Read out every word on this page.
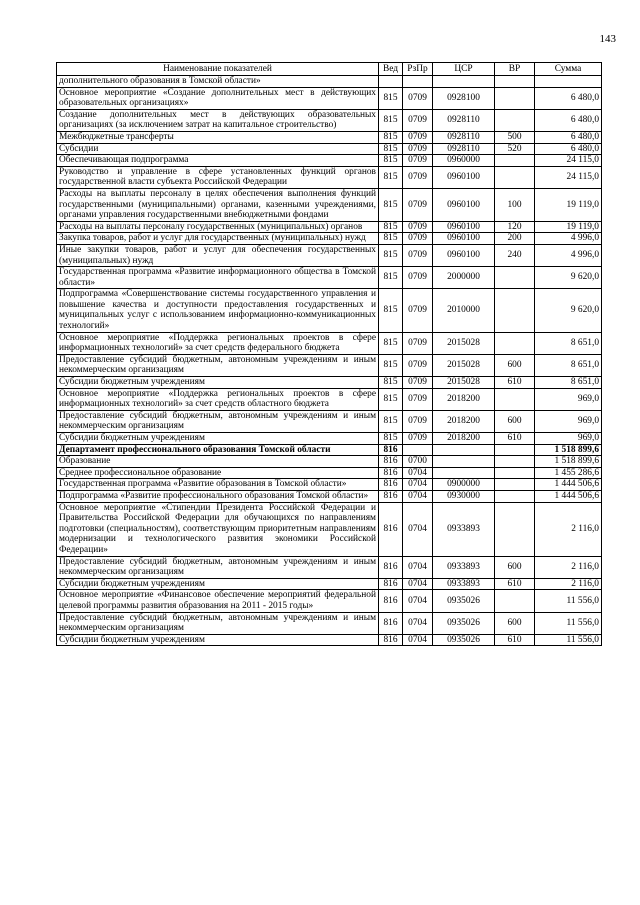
143
Наименование показателей	Вед	РзПр	ЦСР	ВР	Сумма
дополнительного образования в Томской области»					
Основное мероприятие «Создание дополнительных мест в действующих образовательных организациях»	815	0709	0928100		6 480,0
Создание дополнительных мест в действующих образовательных организациях (за исключением затрат на капитальное строительство)	815	0709	0928110		6 480,0
Межбюджетные трансферты	815	0709	0928110	500	6 480,0
Субсидии	815	0709	0928110	520	6 480,0
Обеспечивающая подпрограмма	815	0709	0960000		24 115,0
Руководство и управление в сфере установленных функций органов государственной власти субъекта Российской Федерации	815	0709	0960100		24 115,0
Расходы на выплаты персоналу в целях обеспечения выполнения функций государственными (муниципальными) органами, казенными учреждениями, органами управления государственными внебюджетными фондами	815	0709	0960100	100	19 119,0
Расходы на выплаты персоналу государственных (муниципальных) органов	815	0709	0960100	120	19 119,0
Закупка товаров, работ и услуг для государственных (муниципальных) нужд	815	0709	0960100	200	4 996,0
Иные закупки товаров, работ и услуг для обеспечения государственных (муниципальных) нужд	815	0709	0960100	240	4 996,0
Государственная программа «Развитие информационного общества в Томской области»	815	0709	2000000		9 620,0
Подпрограмма «Совершенствование системы государственного управления и повышение качества и доступности предоставления государственных и муниципальных услуг с использованием информационно-коммуникационных технологий»	815	0709	2010000		9 620,0
Основное мероприятие «Поддержка региональных проектов в сфере информационных технологий» за счет средств федерального бюджета	815	0709	2015028		8 651,0
Предоставление субсидий бюджетным, автономным учреждениям и иным некоммерческим организациям	815	0709	2015028	600	8 651,0
Субсидии бюджетным учреждениям	815	0709	2015028	610	8 651,0
Основное мероприятие «Поддержка региональных проектов в сфере информационных технологий» за счет средств областного бюджета	815	0709	2018200		969,0
Предоставление субсидий бюджетным, автономным учреждениям и иным некоммерческим организациям	815	0709	2018200	600	969,0
Субсидии бюджетным учреждениям	815	0709	2018200	610	969,0
Департамент профессионального образования Томской области	816				1 518 899,6
Образование	816	0700			1 518 899,6
Среднее профессиональное образование	816	0704			1 455 286,6
Государственная программа «Развитие образования в Томской области»	816	0704	0900000		1 444 506,6
Подпрограмма «Развитие профессионального образования Томской области»	816	0704	0930000		1 444 506,6
Основное мероприятие «Стипендии Президента Российской Федерации и Правительства Российской Федерации для обучающихся по направлениям подготовки (специальностям), соответствующим приоритетным направлениям модернизации и технологического развития экономики Российской Федерации»	816	0704	0933893		2 116,0
Предоставление субсидий бюджетным, автономным учреждениям и иным некоммерческим организациям	816	0704	0933893	600	2 116,0
Субсидии бюджетным учреждениям	816	0704	0933893	610	2 116,0
Основное мероприятие «Финансовое обеспечение мероприятий федеральной целевой программы развития образования на 2011 - 2015 годы»	816	0704	0935026		11 556,0
Предоставление субсидий бюджетным, автономным учреждениям и иным некоммерческим организациям	816	0704	0935026	600	11 556,0
Субсидии бюджетным учреждениям	816	0704	0935026	610	11 556,0
